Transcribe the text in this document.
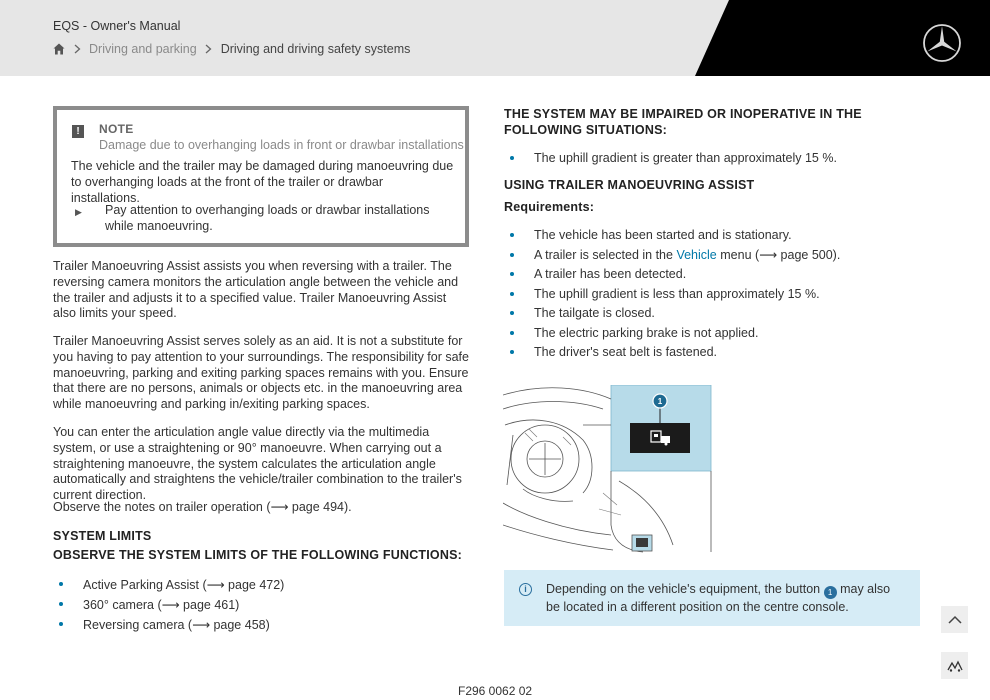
EQS - Owner's Manual
Driving and parking Driving and driving safety systems
!	NOTE
Damage due to overhanging loads in front or drawbar installations
The vehicle and the trailer may be damaged during manoeuvring due to overhanging loads at the front of the trailer or drawbar installations.
▶	Pay attention to overhanging loads or drawbar installations while manoeuvring.
Trailer Manoeuvring Assist assists you when reversing with a trailer. The reversing camera monitors the articulation angle between the vehicle and the trailer and adjusts it to a specified value. Trailer Manoeuvring Assist also limits your speed.
Trailer Manoeuvring Assist serves solely as an aid. It is not a substitute for you having to pay attention to your surroundings. The responsibility for safe manoeuvring, parking and exiting parking spaces remains with you. Ensure that there are no persons, animals or objects etc. in the manoeuvring area while manoeuvring and parking in/exiting parking spaces.
You can enter the articulation angle value directly via the multimedia system, or use a straightening or 90° manoeuvre. When carrying out a straightening manoeuvre, the system calculates the articulation angle automatically and straightens the vehicle/trailer combination to the trailer's current direction.
Observe the notes on trailer operation (⟶ page 494).
SYSTEM LIMITS
OBSERVE THE SYSTEM LIMITS OF THE FOLLOWING FUNCTIONS:
Active Parking Assist (⟶ page 472)
360° camera (⟶ page 461)
Reversing camera (⟶ page 458)
THE SYSTEM MAY BE IMPAIRED OR INOPERATIVE IN THE FOLLOWING SITUATIONS:
The uphill gradient is greater than approximately 15 %.
USING TRAILER MANOEUVRING ASSIST
Requirements:
The vehicle has been started and is stationary.
A trailer is selected in the Vehicle menu (⟶ page 500).
A trailer has been detected.
The uphill gradient is less than approximately 15 %.
The tailgate is closed.
The electric parking brake is not applied.
The driver's seat belt is fastened.
1
F296 0062 02
i	Depending on the vehicle's equipment, the button 1 may also be located in a different position on the centre console.
